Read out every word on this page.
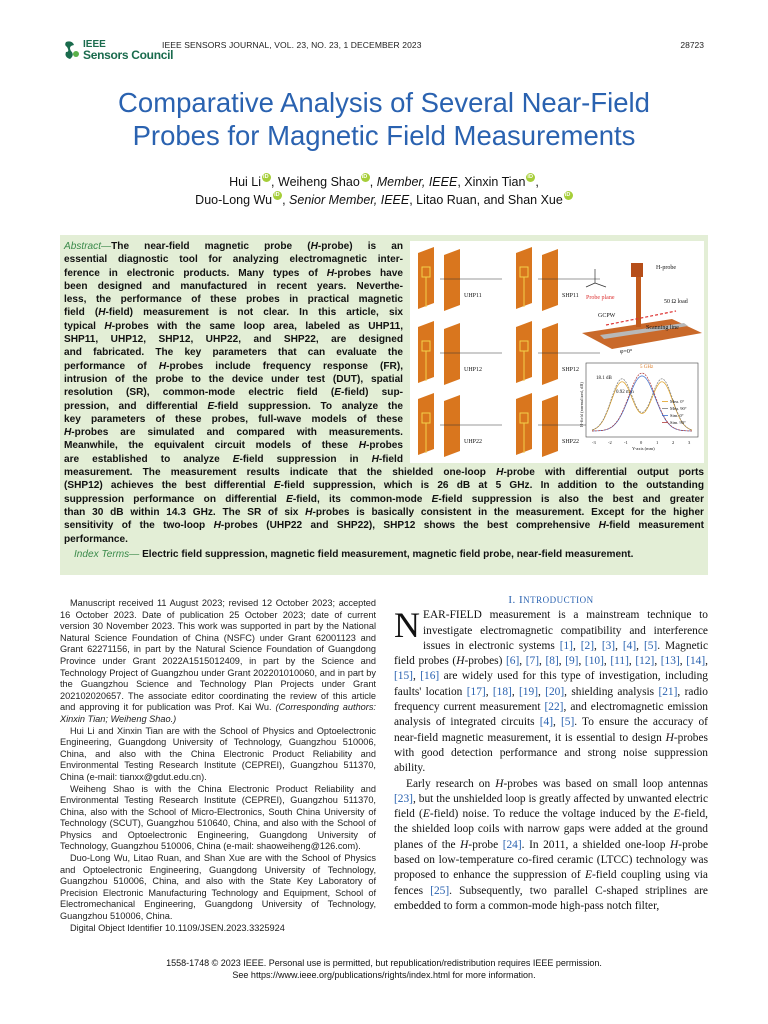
IEEE
Sensors Council
IEEE SENSORS JOURNAL, VOL. 23, NO. 23, 1 DECEMBER 2023	28723
Comparative Analysis of Several Near-Field
Probes for Magnetic Field Measurements
Hui Li iD , Weiheng Shao iD , Member, IEEE, Xinxin Tian iD ,
Duo-Long Wu iD , Senior Member, IEEE, Litao Ruan, and Shan XueiD
Abstract—The near-field magnetic probe (H-probe) is an
essential diagnostic tool for analyzing electromagnetic inter-
ference in electronic products. Many types of H-probes have
been designed and manufactured in recent years. Neverthe-
less, the performance of these probes in practical magnetic
field (H-field) measurement is not clear. In this article, six
typical H-probes with the same loop area, labeled as UHP11,
SHP11, UHP12, SHP12, UHP22, and SHP22, are designed
and fabricated. The key parameters that can evaluate the
performance of H-probes include frequency response (FR),
intrusion of the probe to the device under test (DUT), spatial
resolution (SR), common-mode electric field (E-field) sup-
pression, and differential E-field suppression. To analyze the
key parameters of these probes, full-wave models of these
H-probes are simulated and compared with measurements.
Meanwhile, the equivalent circuit models of these H-probes
are established to analyze E-field suppression in H-field
measurement. The measurement results indicate that the shielded one-loop H-probe with differential output ports
(SHP12) achieves the best differential E-field suppression, which is 26 dB at 5 GHz. In addition to the outstanding
suppression performance on differential E-field, its common-mode E-field suppression is also the best and greater
than 30 dB within 14.3 GHz. The SR of six H-probes is basically consistent in the measurement. Except for the higher
sensitivity of the two-loop H-probes (UHP22 and SHP22), SHP12 shows the best comprehensive H-field measurement
performance.
Index Terms— Electric field suppression, magnetic field measurement, magnetic field probe, near-field measurement.
UHP11	SHP11
UHP12	SHP12
UHP22	SHP22
H-probe
Probe plane
50 Ω load
GCPW
Scanning line
φ=0°
-3	-2	-1	0	1	2	3
Y-axis (mm)
H-field (normalized, dB)
5 GHz
18.1 dB
0.92 mm
Mea. 0°
Mea. 90°
Sim. 0°
Sim. 90°

Manuscript received 11 August 2023; revised 12 October 2023; accepted 16 October 2023. Date of publication 25 October 2023; date of current version 30 November 2023. This work was supported in part by the National Natural Science Foundation of China (NSFC) under Grant 62001123 and Grant 62271156, in part by the Natural Science Foundation of Guangdong Province under Grant 2022A1515012409, in part by the Science and Technology Project of Guangzhou under Grant 202201010060, and in part by the Guangzhou Science and Technology Plan Projects under Grant 202102020657. The associate editor coordinating the review of this article and approving it for publication was Prof. Kai Wu. (Corresponding authors: Xinxin Tian; Weiheng Shao.)

Hui Li and Xinxin Tian are with the School of Physics and Optoelectronic Engineering, Guangdong University of Technology, Guangzhou 510006, China, and also with the China Electronic Product Reliability and Environmental Testing Research Institute (CEPREI), Guangzhou 511370, China (e-mail: tianxx@gdut.edu.cn).

Weiheng Shao is with the China Electronic Product Reliability and Environmental Testing Research Institute (CEPREI), Guangzhou 511370, China, also with the School of Micro-Electronics, South China University of Technology (SCUT), Guangzhou 510640, China, and also with the School of Physics and Optoelectronic Engineering, Guangdong University of Technology, Guangzhou 510006, China (e-mail: shaoweiheng@126.com).

Duo-Long Wu, Litao Ruan, and Shan Xue are with the School of Physics and Optoelectronic Engineering, Guangdong University of Technology, Guangzhou 510006, China, and also with the State Key Laboratory of Precision Electronic Manufacturing Technology and Equipment, School of Electromechanical Engineering, Guangdong University of Technology, Guangzhou 510006, China.

Digital Object Identifier 10.1109/JSEN.2023.3325924

I. INTRODUCTION

NEAR-FIELD measurement is a mainstream technique to investigate electromagnetic compatibility and interference issues in electronic systems [1], [2], [3], [4], [5]. Magnetic field probes (H-probes) [6], [7], [8], [9], [10], [11], [12], [13], [14], [15], [16] are widely used for this type of investigation, including faults' location [17], [18], [19], [20], shielding analysis [21], radio frequency current measurement [22], and electromagnetic emission analysis of integrated circuits [4], [5]. To ensure the accuracy of near-field magnetic measurement, it is essential to design H-probes with good detection performance and strong noise suppression ability.

Early research on H-probes was based on small loop antennas [23], but the unshielded loop is greatly affected by unwanted electric field (E-field) noise. To reduce the voltage induced by the E-field, the shielded loop coils with narrow gaps were added at the ground planes of the H-probe [24]. In 2011, a shielded one-loop H-probe based on low-temperature co-fired ceramic (LTCC) technology was proposed to enhance the suppression of E-field coupling using via fences [25]. Subsequently, two parallel C-shaped striplines are embedded to form a common-mode high-pass notch filter,

1558-1748 © 2023 IEEE. Personal use is permitted, but republication/redistribution requires IEEE permission.
See https://www.ieee.org/publications/rights/index.html for more information.
